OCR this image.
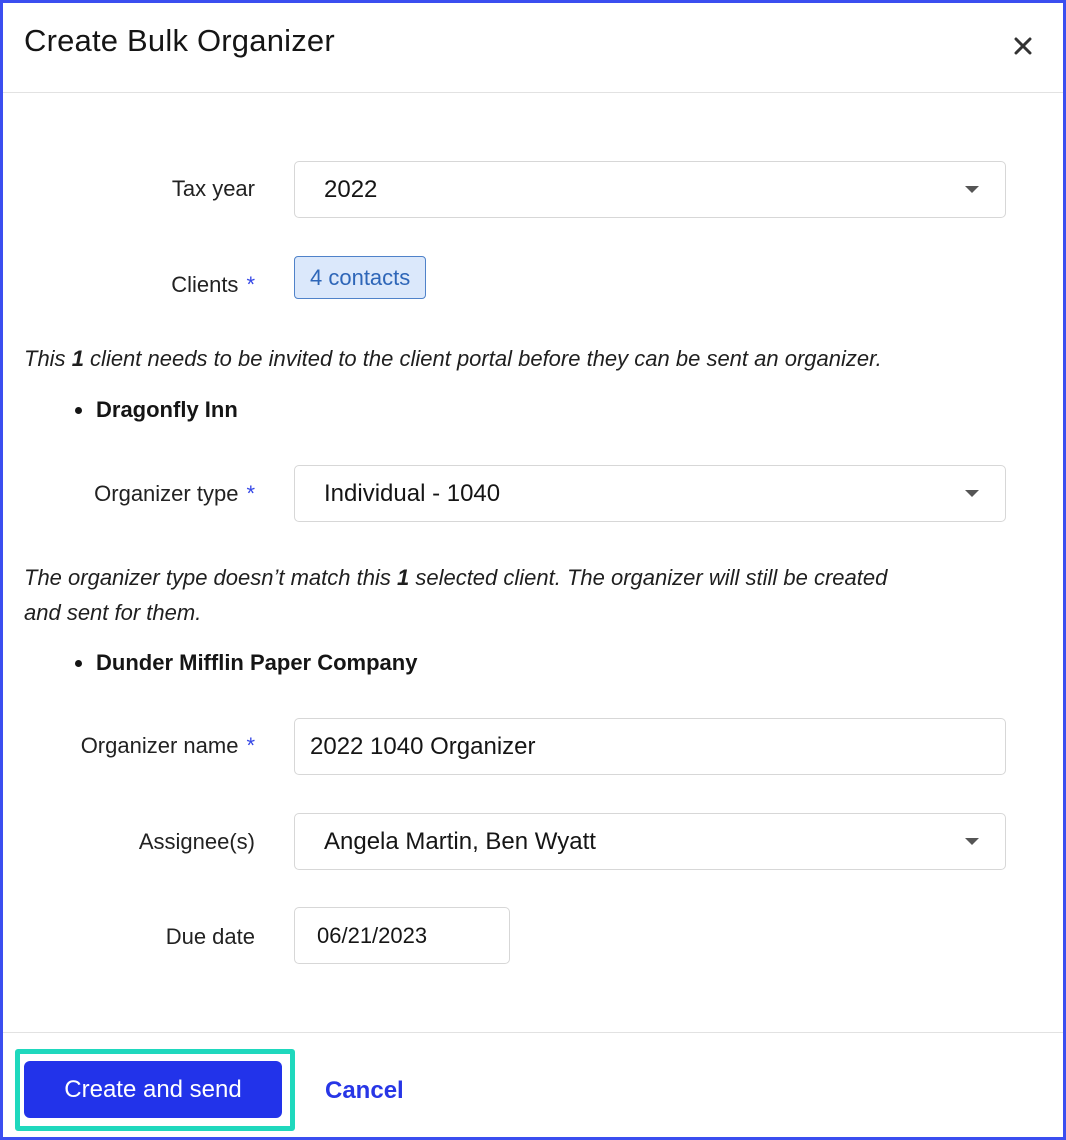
Create Bulk Organizer
Tax year	2022
Clients *	4 contacts
This 1 client needs to be invited to the client portal before they can be sent an organizer.
Dragonfly Inn
Organizer type *	Individual - 1040
The organizer type doesn’t match this 1 selected client. The organizer will still be created
and sent for them.
Dunder Mifflin Paper Company
Organizer name * 2022 1040 Organizer
Assignee(s)	Angela Martin, Ben Wyatt
Due date	06/21/2023
Create and send	Cancel
